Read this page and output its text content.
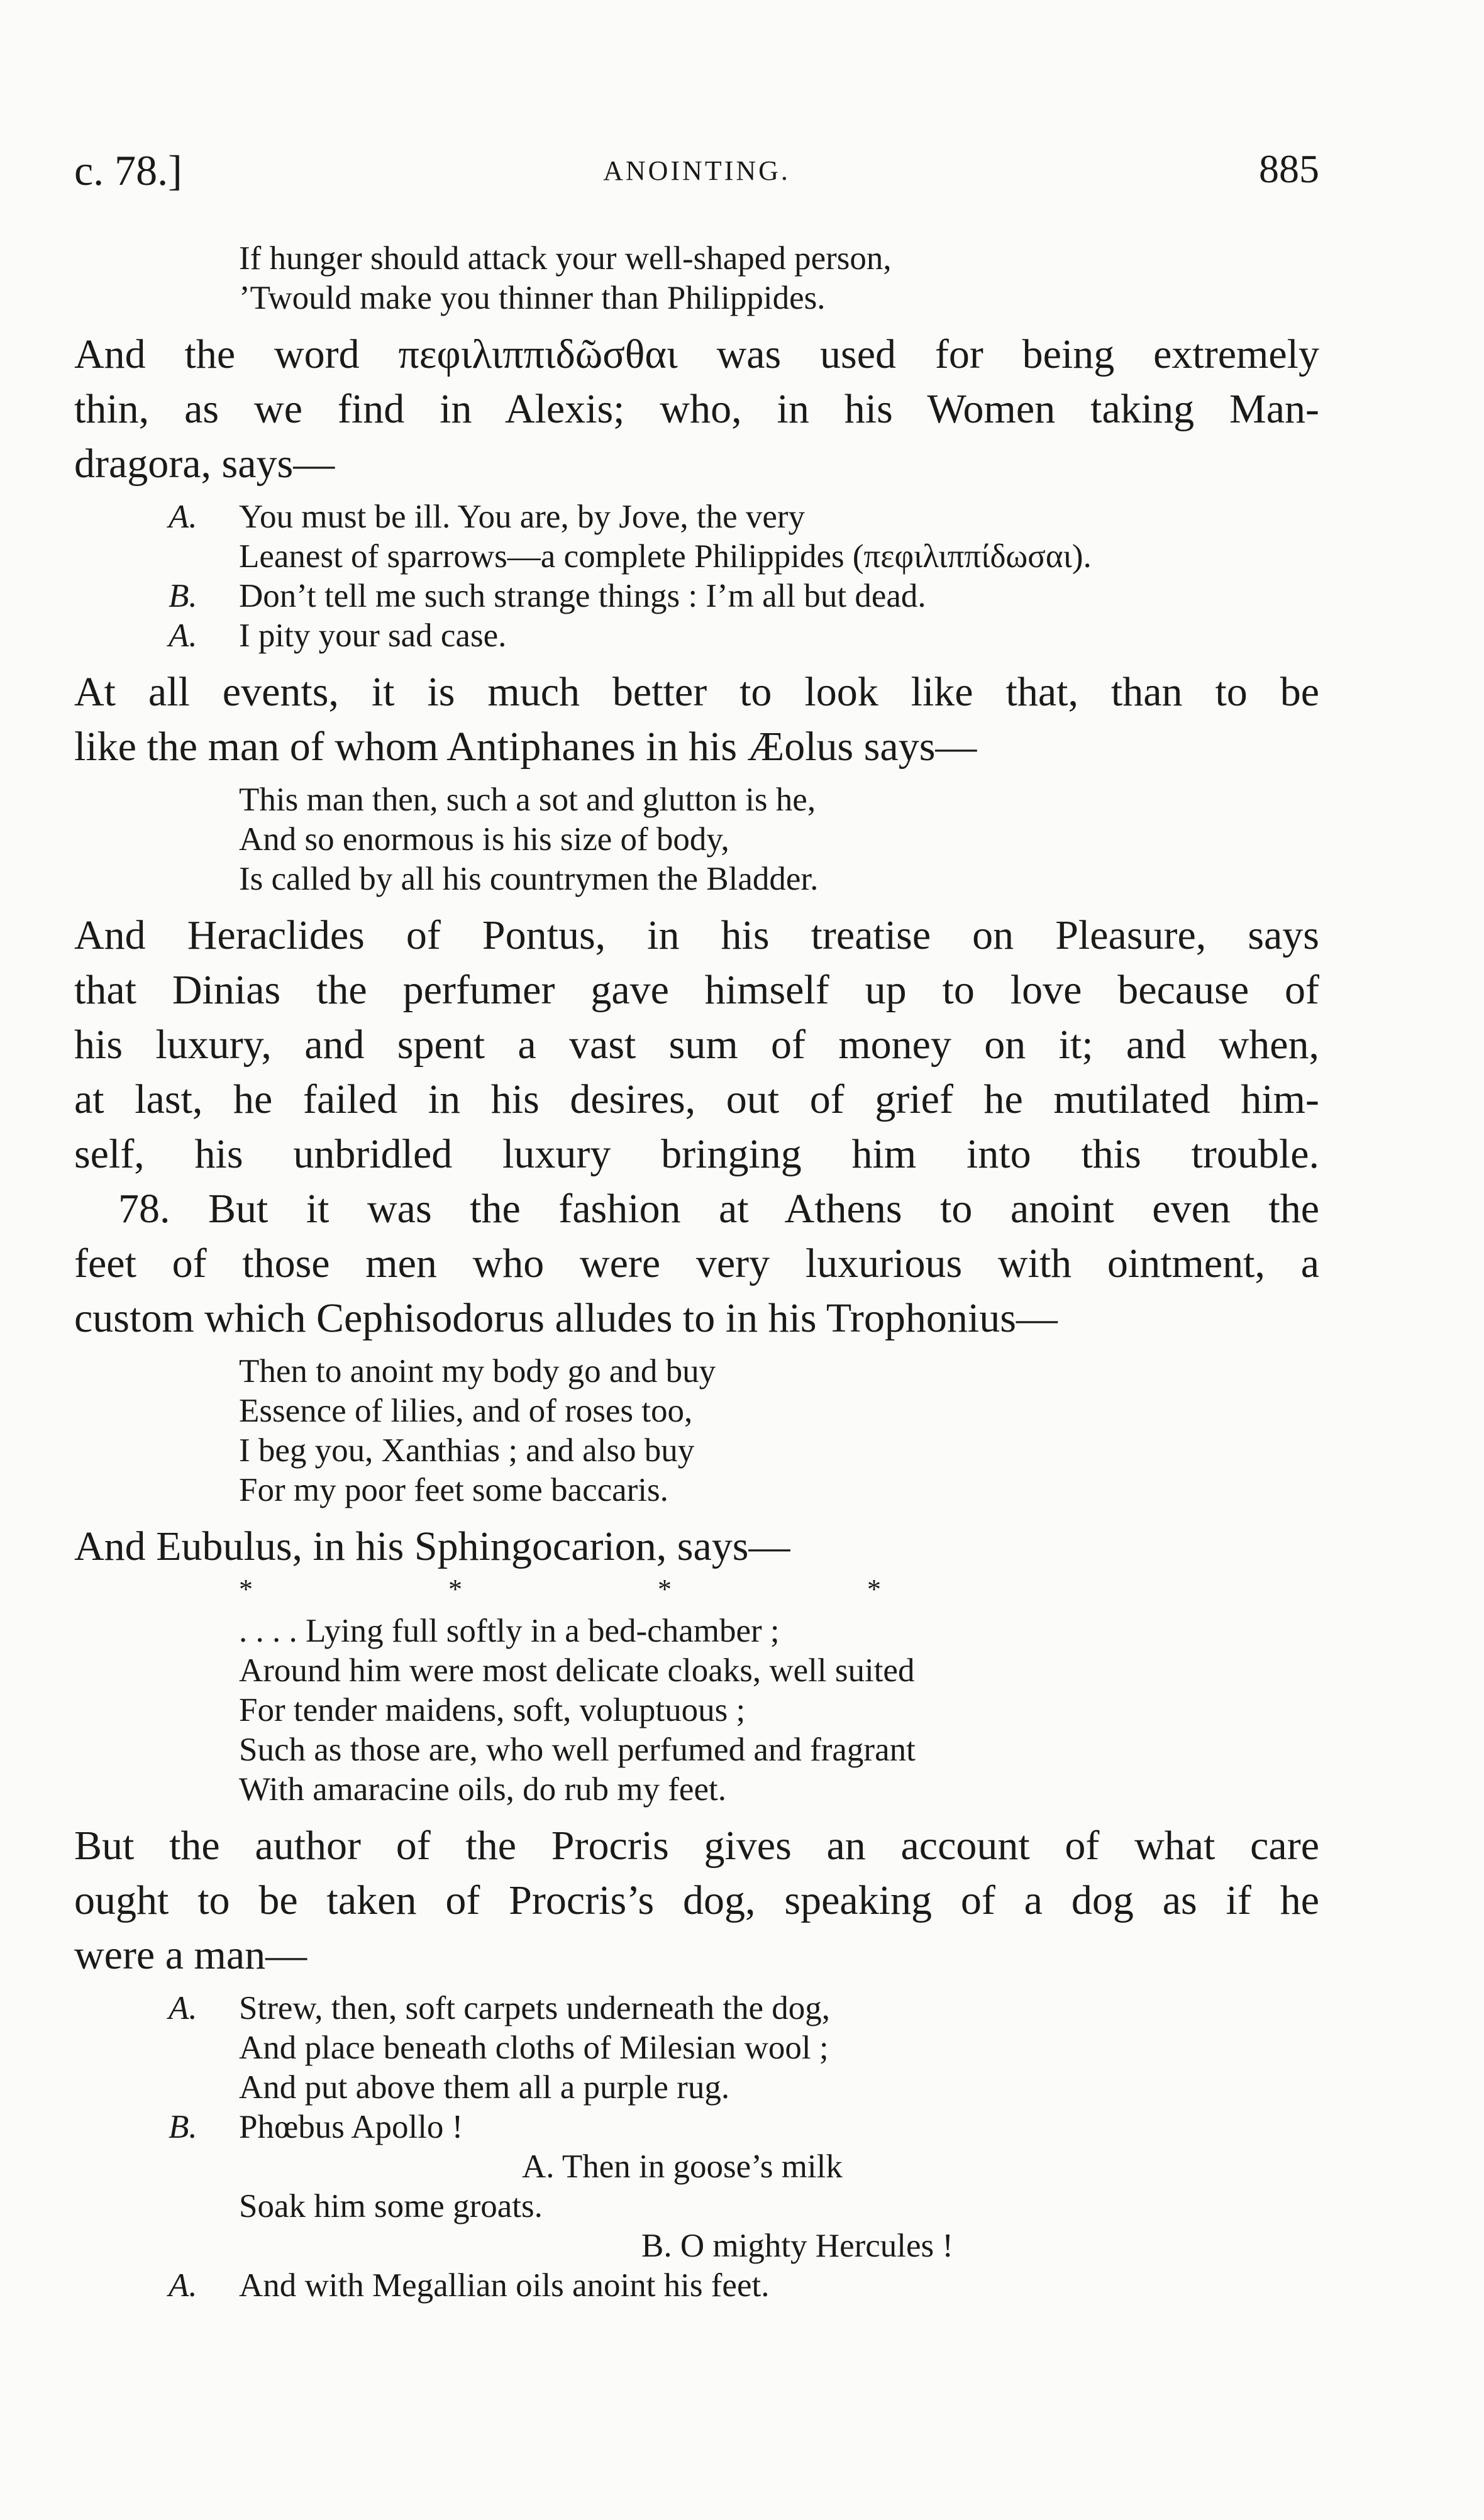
c. 78.]	ANOINTING.	885
If hunger should attack your well-shaped person,
’Twould make you thinner than Philippides.
And the word πεφιλιππιδῶσθαι was used for being extremely
thin, as we find in Alexis; who, in his Women taking Man-
dragora, says—
A. You must be ill. You are, by Jove, the very
Leanest of sparrows—a complete Philippides (πεφιλιππίδωσαι).
B. Don’t tell me such strange things : I’m all but dead.
A. I pity your sad case.
At all events, it is much better to look like that, than to be
like the man of whom Antiphanes in his Æolus says—
This man then, such a sot and glutton is he,
And so enormous is his size of body,
Is called by all his countrymen the Bladder.
And Heraclides of Pontus, in his treatise on Pleasure, says
that Dinias the perfumer gave himself up to love because of
his luxury, and spent a vast sum of money on it; and when,
at last, he failed in his desires, out of grief he mutilated him-
self, his unbridled luxury bringing him into this trouble.
78. But it was the fashion at Athens to anoint even the
feet of those men who were very luxurious with ointment, a
custom which Cephisodorus alludes to in his Trophonius—
Then to anoint my body go and buy
Essence of lilies, and of roses too,
I beg you, Xanthias ; and also buy
For my poor feet some baccaris.
And Eubulus, in his Sphingocarion, says—
* * * *
. . . . Lying full softly in a bed-chamber ;
Around him were most delicate cloaks, well suited
For tender maidens, soft, voluptuous ;
Such as those are, who well perfumed and fragrant
With amaracine oils, do rub my feet.
But the author of the Procris gives an account of what care
ought to be taken of Procris’s dog, speaking of a dog as if he
were a man—
A. Strew, then, soft carpets underneath the dog,
And place beneath cloths of Milesian wool ;
And put above them all a purple rug.
B. Phœbus Apollo !
A. Then in goose’s milk
Soak him some groats.
B. O mighty Hercules !
A. And with Megallian oils anoint his feet.
